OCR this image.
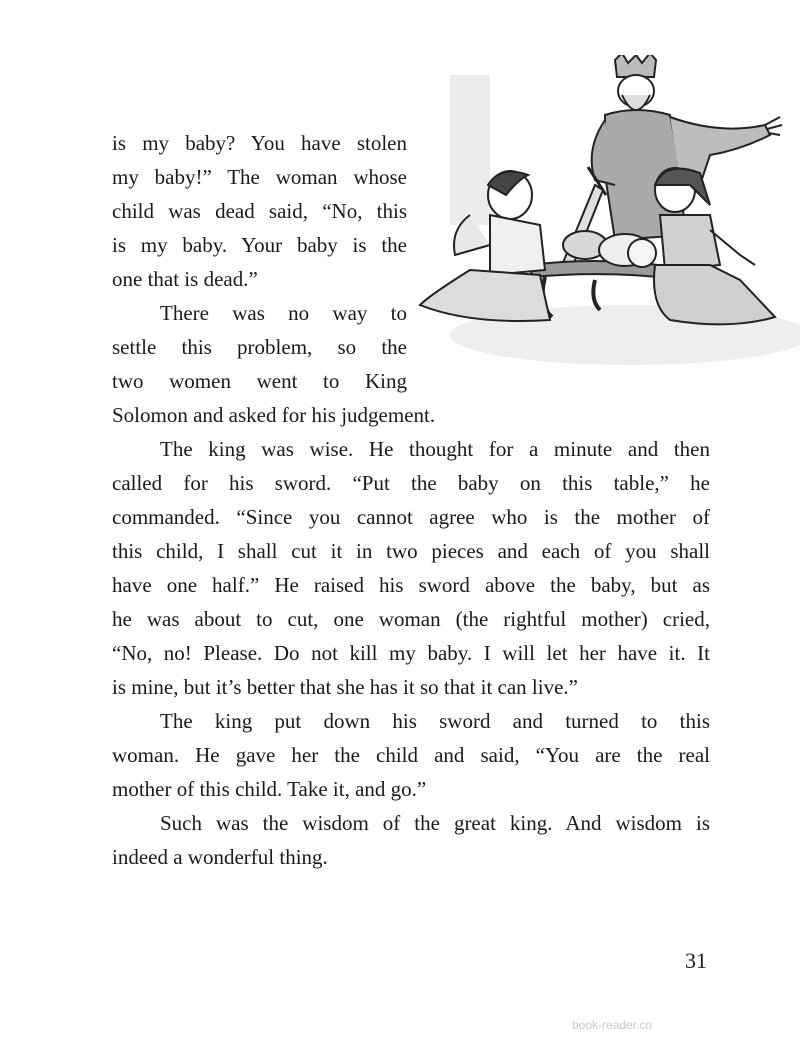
is my baby? You have stolen
my baby!” The woman whose
child was dead said, “No, this
is my baby. Your baby is the
one that is dead.”
There was no way to
settle this problem, so the
two women went to King
Solomon and asked for his judgement.
The king was wise. He thought for a minute and then
called for his sword. “Put the baby on this table,” he
commanded. “Since you cannot agree who is the mother of
this child, I shall cut it in two pieces and each of you shall
have one half.” He raised his sword above the baby, but as
he was about to cut, one woman (the rightful mother) cried,
“No, no! Please. Do not kill my baby. I will let her have it. It
is mine, but it’s better that she has it so that it can live.”
The king put down his sword and turned to this
woman. He gave her the child and said, “You are the real
mother of this child. Take it, and go.”
Such was the wisdom of the great king. And wisdom is
indeed a wonderful thing.
31
book-reader.cn
